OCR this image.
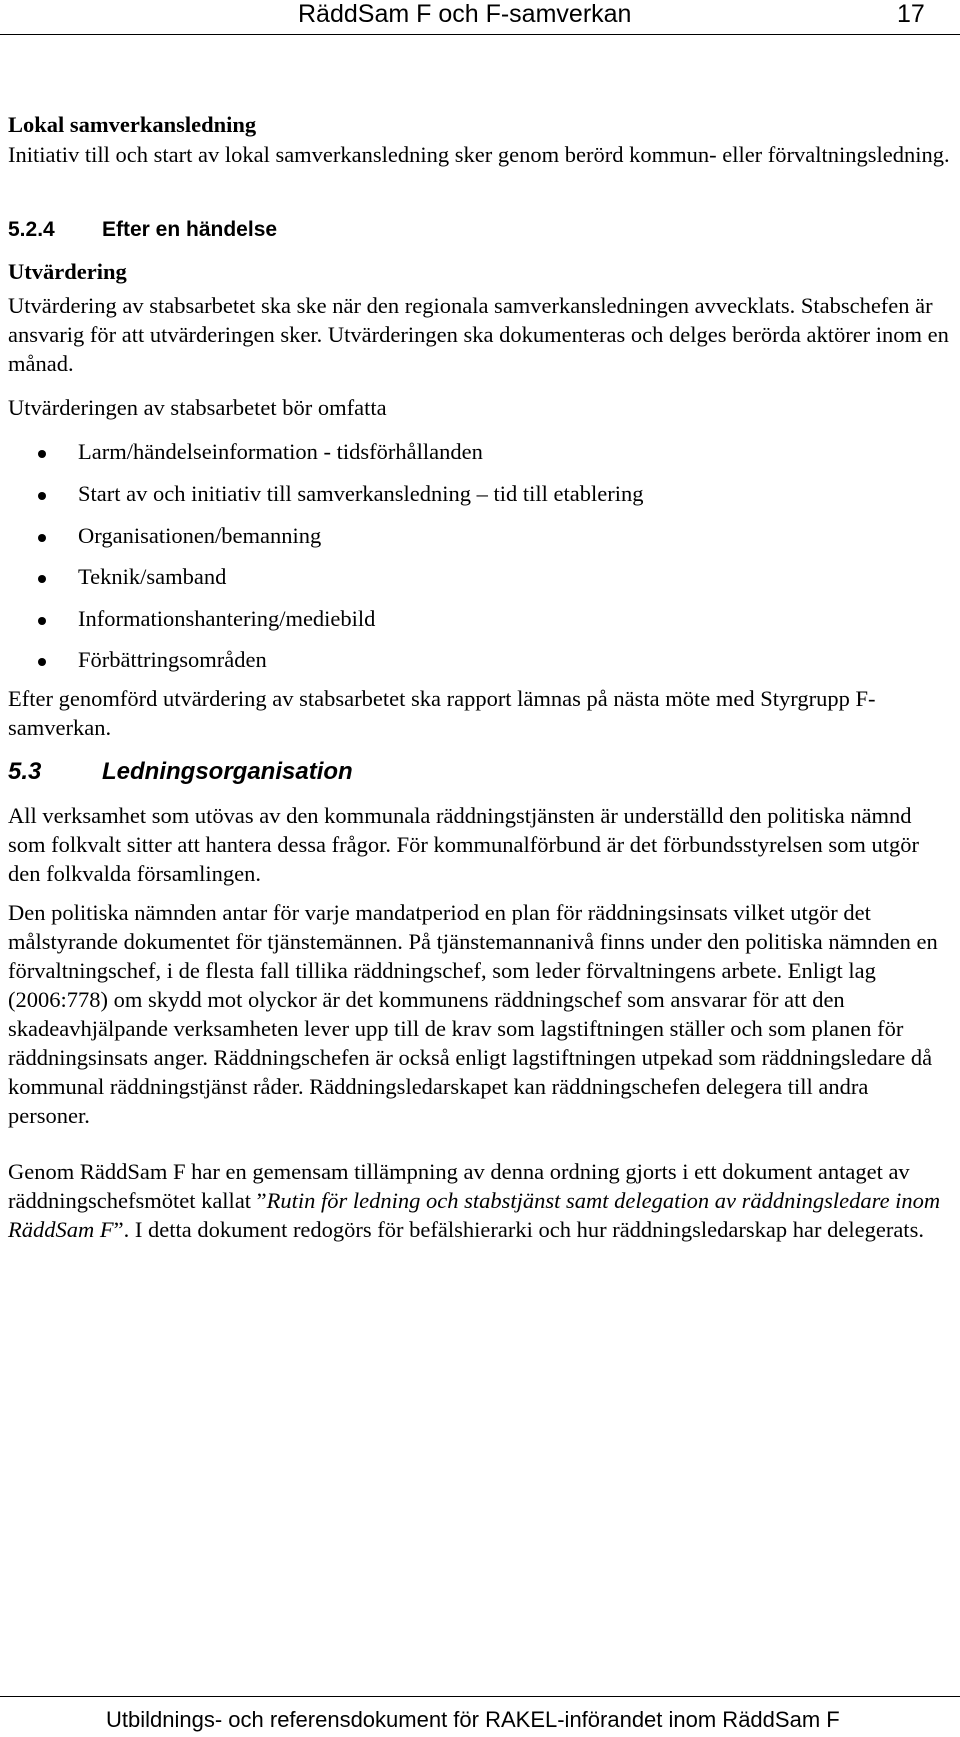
RäddSam F och F-samverkan	17
Lokal samverkansledning
Initiativ till och start av lokal samverkansledning sker genom berörd kommun- eller förvaltningsledning.
5.2.4 Efter en händelse
Utvärdering
Utvärdering av stabsarbetet ska ske när den regionala samverkansledningen avvecklats. Stabschefen är ansvarig för att utvärderingen sker. Utvärderingen ska dokumenteras och delges berörda aktörer inom en månad.
Utvärderingen av stabsarbetet bör omfatta
Larm/händelseinformation - tidsförhållanden
Start av och initiativ till samverkansledning – tid till etablering
Organisationen/bemanning
Teknik/samband
Informationshantering/mediebild
Förbättringsområden
Efter genomförd utvärdering av stabsarbetet ska rapport lämnas på nästa möte med Styrgrupp F-samverkan.
5.3	Ledningsorganisation
All verksamhet som utövas av den kommunala räddningstjänsten är underställd den politiska nämnd som folkvalt sitter att hantera dessa frågor. För kommunalförbund är det förbundsstyrelsen som utgör den folkvalda församlingen.
Den politiska nämnden antar för varje mandatperiod en plan för räddningsinsats vilket utgör det målstyrande dokumentet för tjänstemännen. På tjänstemannanivå finns under den politiska nämnden en förvaltningschef, i de flesta fall tillika räddningschef, som leder förvaltningens arbete. Enligt lag (2006:778) om skydd mot olyckor är det kommunens räddningschef som ansvarar för att den skadeavhjälpande verksamheten lever upp till de krav som lagstiftningen ställer och som planen för räddningsinsats anger. Räddningschefen är också enligt lagstiftningen utpekad som räddningsledare då kommunal räddningstjänst råder. Räddningsledarskapet kan räddningschefen delegera till andra personer.
Genom RäddSam F har en gemensam tillämpning av denna ordning gjorts i ett dokument antaget av räddningschefsmötet kallat ”Rutin för ledning och stabstjänst samt delegation av räddningsledare inom RäddSam F”. I detta dokument redogörs för befälshierarki och hur räddningsledarskap har delegerats.
Utbildnings- och referensdokument för RAKEL-införandet inom RäddSam F
